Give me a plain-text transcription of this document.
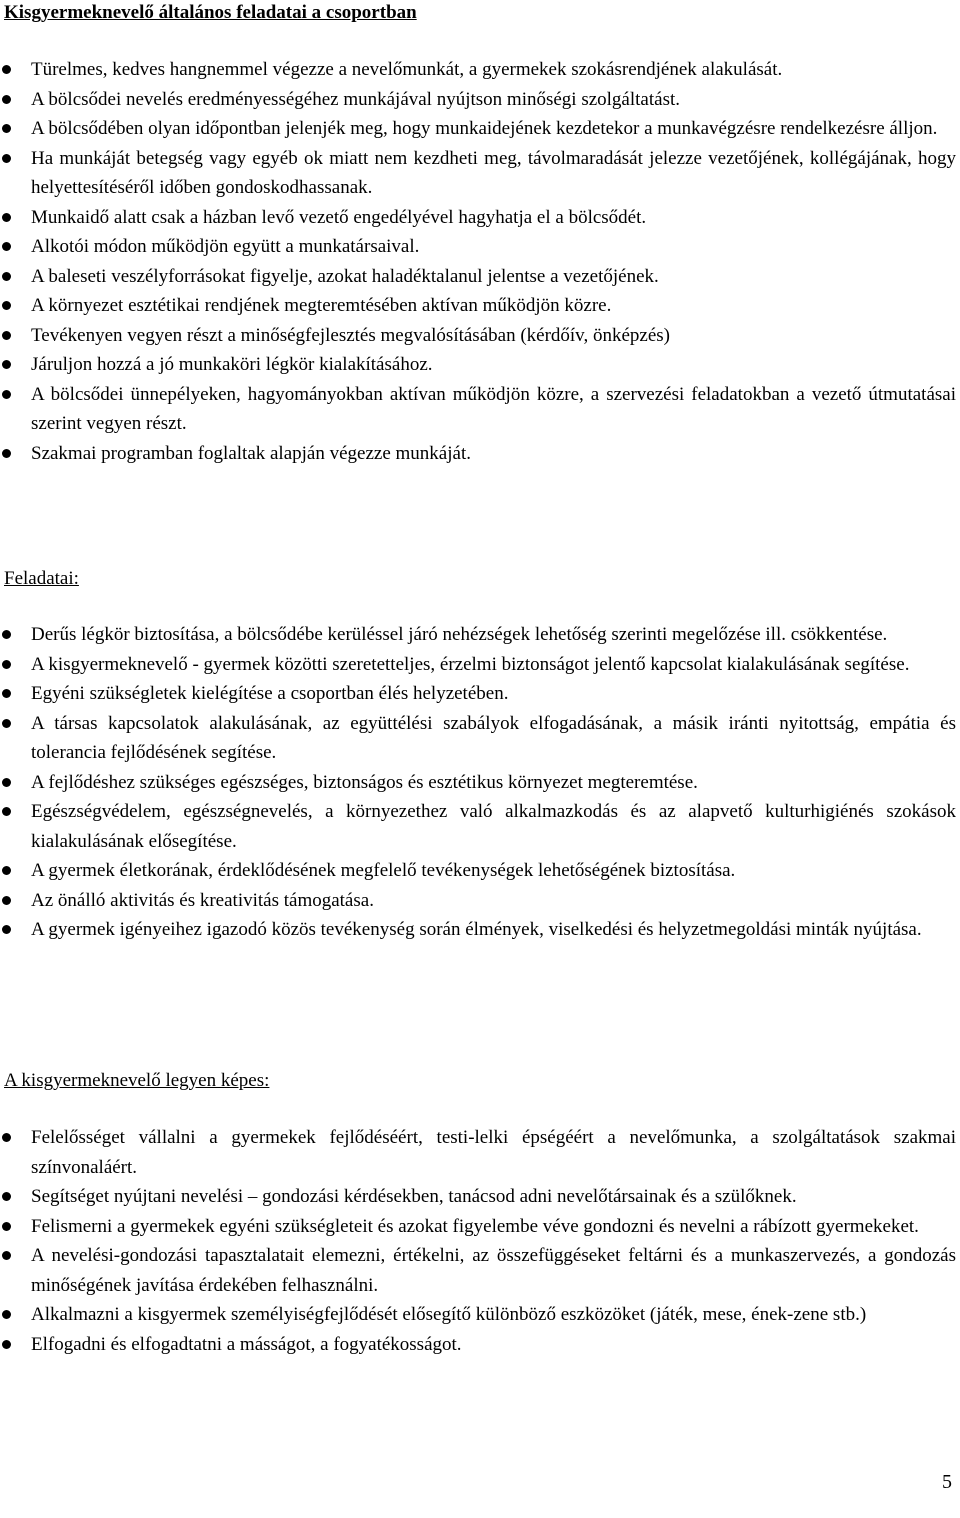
Kisgyermeknevelő általános feladatai a csoportban
Türelmes, kedves hangnemmel végezze a nevelőmunkát, a gyermekek szokásrendjének alakulását.
A bölcsődei nevelés eredményességéhez munkájával nyújtson minőségi szolgáltatást.
A bölcsődében olyan időpontban jelenjék meg, hogy munkaidejének kezdetekor a munkavégzésre rendelkezésre álljon.
Ha munkáját betegség vagy egyéb ok miatt nem kezdheti meg, távolmaradását jelezze vezetőjének, kollégájának, hogy helyettesítéséről időben gondoskodhassanak.
Munkaidő alatt csak a házban levő vezető engedélyével hagyhatja el a bölcsődét.
Alkotói módon működjön együtt a munkatársaival.
A baleseti veszélyforrásokat figyelje, azokat haladéktalanul jelentse a vezetőjének.
A környezet esztétikai rendjének megteremtésében aktívan működjön közre.
Tevékenyen vegyen részt a minőségfejlesztés megvalósításában (kérdőív, önképzés)
Járuljon hozzá a jó munkaköri légkör kialakításához.
A bölcsődei ünnepélyeken, hagyományokban aktívan működjön közre, a szervezési feladatokban a vezető útmutatásai szerint vegyen részt.
Szakmai programban foglaltak alapján végezze munkáját.
Feladatai:
Derűs légkör biztosítása, a bölcsődébe kerüléssel járó nehézségek lehetőség szerinti megelőzése ill. csökkentése.
A kisgyermeknevelő - gyermek közötti szeretetteljes, érzelmi biztonságot jelentő kapcsolat kialakulásának segítése.
Egyéni szükségletek kielégítése a csoportban élés helyzetében.
A társas kapcsolatok alakulásának, az együttélési szabályok elfogadásának, a másik iránti nyitottság, empátia és tolerancia fejlődésének segítése.
A fejlődéshez szükséges egészséges, biztonságos és esztétikus környezet megteremtése.
Egészségvédelem, egészségnevelés, a környezethez való alkalmazkodás és az alapvető kulturhigiénés szokások kialakulásának elősegítése.
A gyermek életkorának, érdeklődésének megfelelő tevékenységek lehetőségének biztosítása.
Az önálló aktivitás és kreativitás támogatása.
A gyermek igényeihez igazodó közös tevékenység során élmények, viselkedési és helyzetmegoldási minták nyújtása.
A kisgyermeknevelő legyen képes:
Felelősséget vállalni a gyermekek fejlődéséért, testi-lelki épségéért a nevelőmunka, a szolgáltatások szakmai színvonaláért.
Segítséget nyújtani nevelési – gondozási kérdésekben, tanácsod adni nevelőtársainak és a szülőknek.
Felismerni a gyermekek egyéni szükségleteit és azokat figyelembe véve gondozni és nevelni a rábízott gyermekeket.
A nevelési-gondozási tapasztalatait elemezni, értékelni, az összefüggéseket feltárni és a munkaszervezés, a gondozás minőségének javítása érdekében felhasználni.
Alkalmazni a kisgyermek személyiségfejlődését elősegítő különböző eszközöket (játék, mese, ének-zene stb.)
Elfogadni és elfogadtatni a másságot, a fogyatékosságot.
5
